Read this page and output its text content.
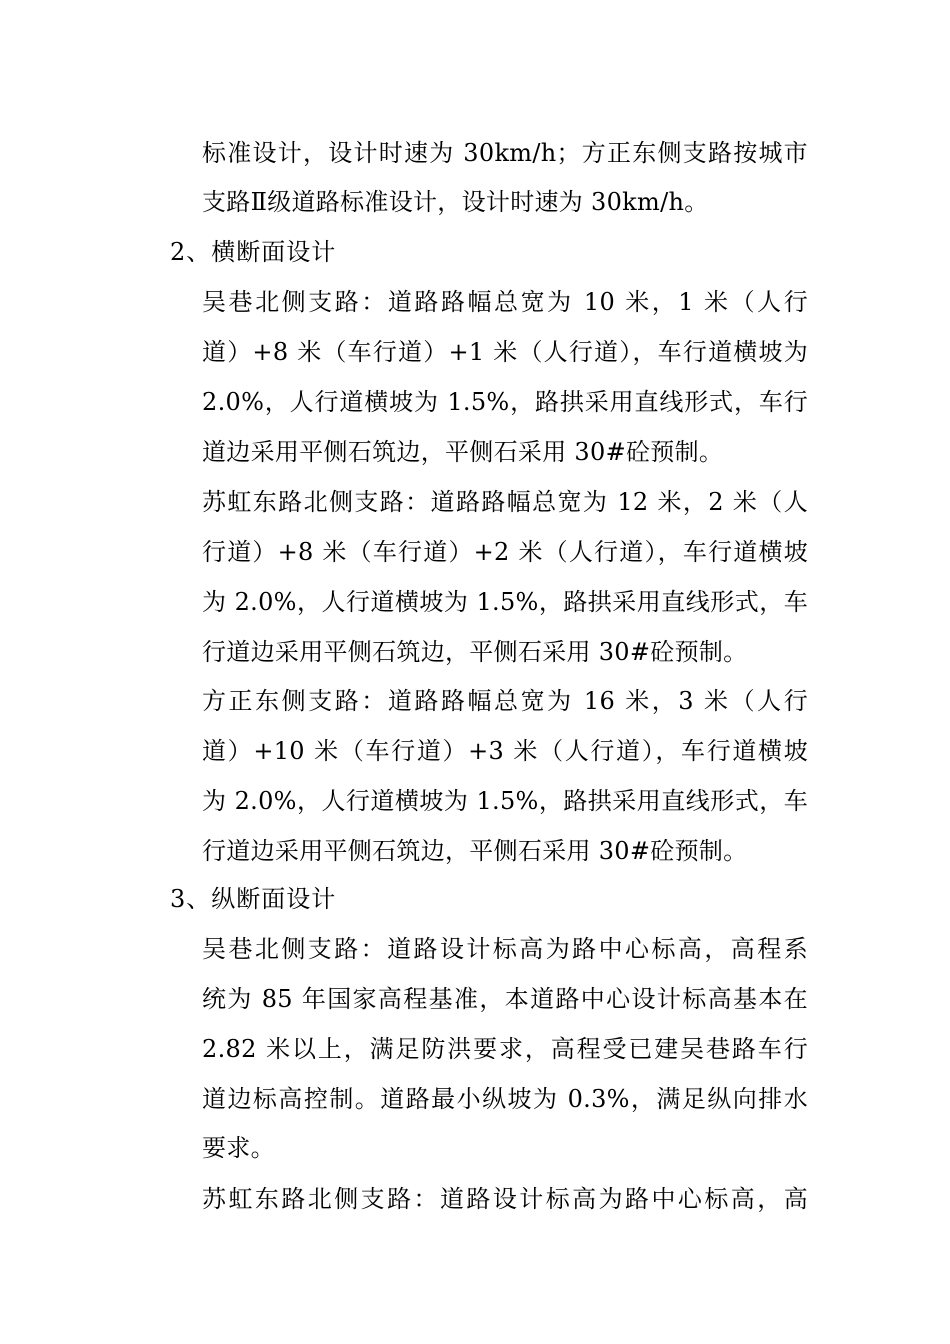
标准设计，设计时速为 30km/h；方正东侧支路按城市
支路Ⅱ级道路标准设计，设计时速为 30km/h。
2、横断面设计
吴巷北侧支路：道路路幅总宽为 10 米，1 米（人行
道）+8 米（车行道）+1 米（人行道），车行道横坡为
2.0%，人行道横坡为 1.5%，路拱采用直线形式，车行
道边采用平侧石筑边，平侧石采用 30#砼预制。
苏虹东路北侧支路：道路路幅总宽为 12 米，2 米（人
行道）+8 米（车行道）+2 米（人行道），车行道横坡
为 2.0%，人行道横坡为 1.5%，路拱采用直线形式，车
行道边采用平侧石筑边，平侧石采用 30#砼预制。
方正东侧支路：道路路幅总宽为 16 米，3 米（人行
道）+10 米（车行道）+3 米（人行道），车行道横坡
为 2.0%，人行道横坡为 1.5%，路拱采用直线形式，车
行道边采用平侧石筑边，平侧石采用 30#砼预制。
3、纵断面设计
吴巷北侧支路：道路设计标高为路中心标高，高程系
统为 85 年国家高程基准，本道路中心设计标高基本在
2.82 米以上，满足防洪要求，高程受已建吴巷路车行
道边标高控制。道路最小纵坡为 0.3%，满足纵向排水
要求。
苏虹东路北侧支路：道路设计标高为路中心标高，高
